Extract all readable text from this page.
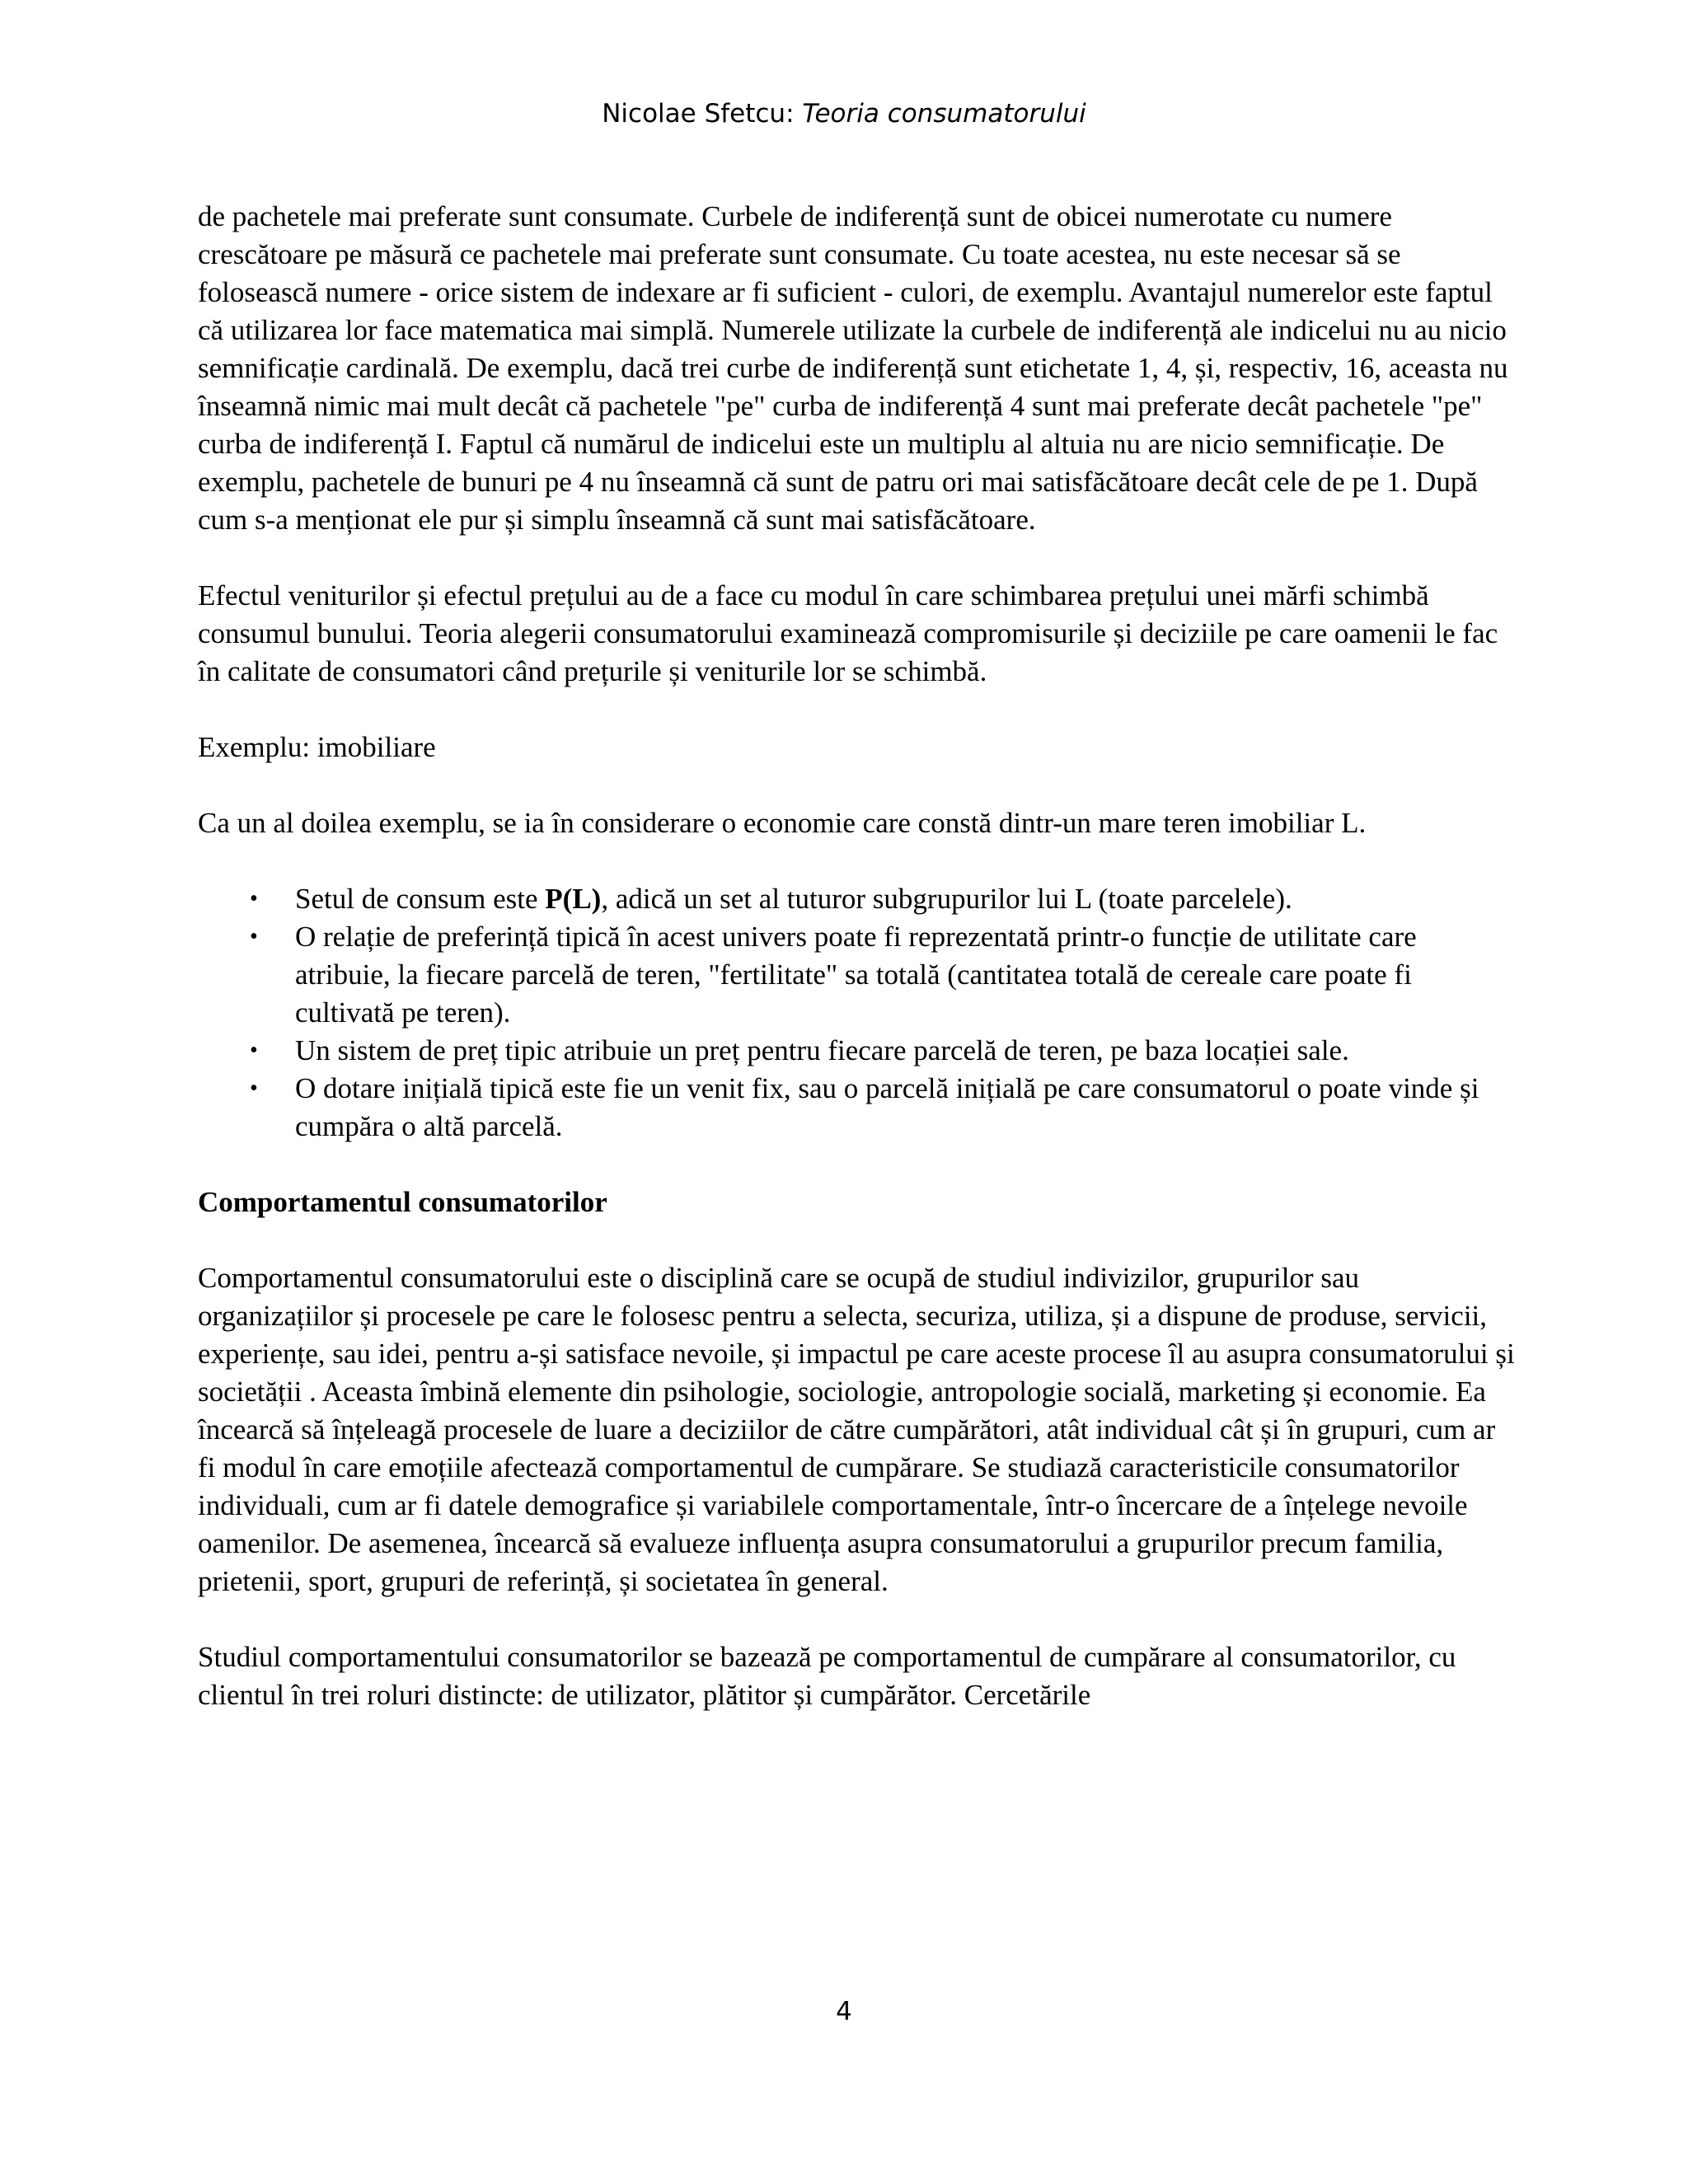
Nicolae Sfetcu: Teoria consumatorului

de pachetele mai preferate sunt consumate. Curbele de indiferență sunt de obicei numerotate cu numere crescătoare pe măsură ce pachetele mai preferate sunt consumate. Cu toate acestea, nu este necesar să se folosească numere - orice sistem de indexare ar fi suficient - culori, de exemplu. Avantajul numerelor este faptul că utilizarea lor face matematica mai simplă. Numerele utilizate la curbele de indiferență ale indicelui nu au nicio semnificație cardinală. De exemplu, dacă trei curbe de indiferență sunt etichetate 1, 4, și, respectiv, 16, aceasta nu înseamnă nimic mai mult decât că pachetele "pe" curba de indiferență 4 sunt mai preferate decât pachetele "pe" curba de indiferență I. Faptul că numărul de indicelui este un multiplu al altuia nu are nicio semnificație. De exemplu, pachetele de bunuri pe 4 nu înseamnă că sunt de patru ori mai satisfăcătoare decât cele de pe 1. După cum s-a menționat ele pur și simplu înseamnă că sunt mai satisfăcătoare.

Efectul veniturilor și efectul prețului au de a face cu modul în care schimbarea prețului unei mărfi schimbă consumul bunului. Teoria alegerii consumatorului examinează compromisurile și deciziile pe care oamenii le fac în calitate de consumatori când prețurile și veniturile lor se schimbă.

Exemplu: imobiliare

Ca un al doilea exemplu, se ia în considerare o economie care constă dintr-un mare teren imobiliar L.

• Setul de consum este P(L), adică un set al tuturor subgrupurilor lui L (toate parcelele).
• O relație de preferință tipică în acest univers poate fi reprezentată printr-o funcție de utilitate care atribuie, la fiecare parcelă de teren, "fertilitate" sa totală (cantitatea totală de cereale care poate fi cultivată pe teren).
• Un sistem de preț tipic atribuie un preț pentru fiecare parcelă de teren, pe baza locației sale.
• O dotare inițială tipică este fie un venit fix, sau o parcelă inițială pe care consumatorul o poate vinde și cumpăra o altă parcelă.
Comportamentul consumatorilor

Comportamentul consumatorului este o disciplină care se ocupă de studiul indivizilor, grupurilor sau organizațiilor și procesele pe care le folosesc pentru a selecta, securiza, utiliza, și a dispune de produse, servicii, experiențe, sau idei, pentru a-și satisface nevoile, și impactul pe care aceste procese îl au asupra consumatorului și societății . Aceasta îmbină elemente din psihologie, sociologie, antropologie socială, marketing și economie. Ea încearcă să înțeleagă procesele de luare a deciziilor de către cumpărători, atât individual cât și în grupuri, cum ar fi modul în care emoțiile afectează comportamentul de cumpărare. Se studiază caracteristicile consumatorilor individuali, cum ar fi datele demografice și variabilele comportamentale, într-o încercare de a înțelege nevoile oamenilor. De asemenea, încearcă să evalueze influența asupra consumatorului a grupurilor precum familia, prietenii, sport, grupuri de referință, și societatea în general.

Studiul comportamentului consumatorilor se bazează pe comportamentul de cumpărare al consumatorilor, cu clientul în trei roluri distincte: de utilizator, plătitor și cumpărător. Cercetările

4
